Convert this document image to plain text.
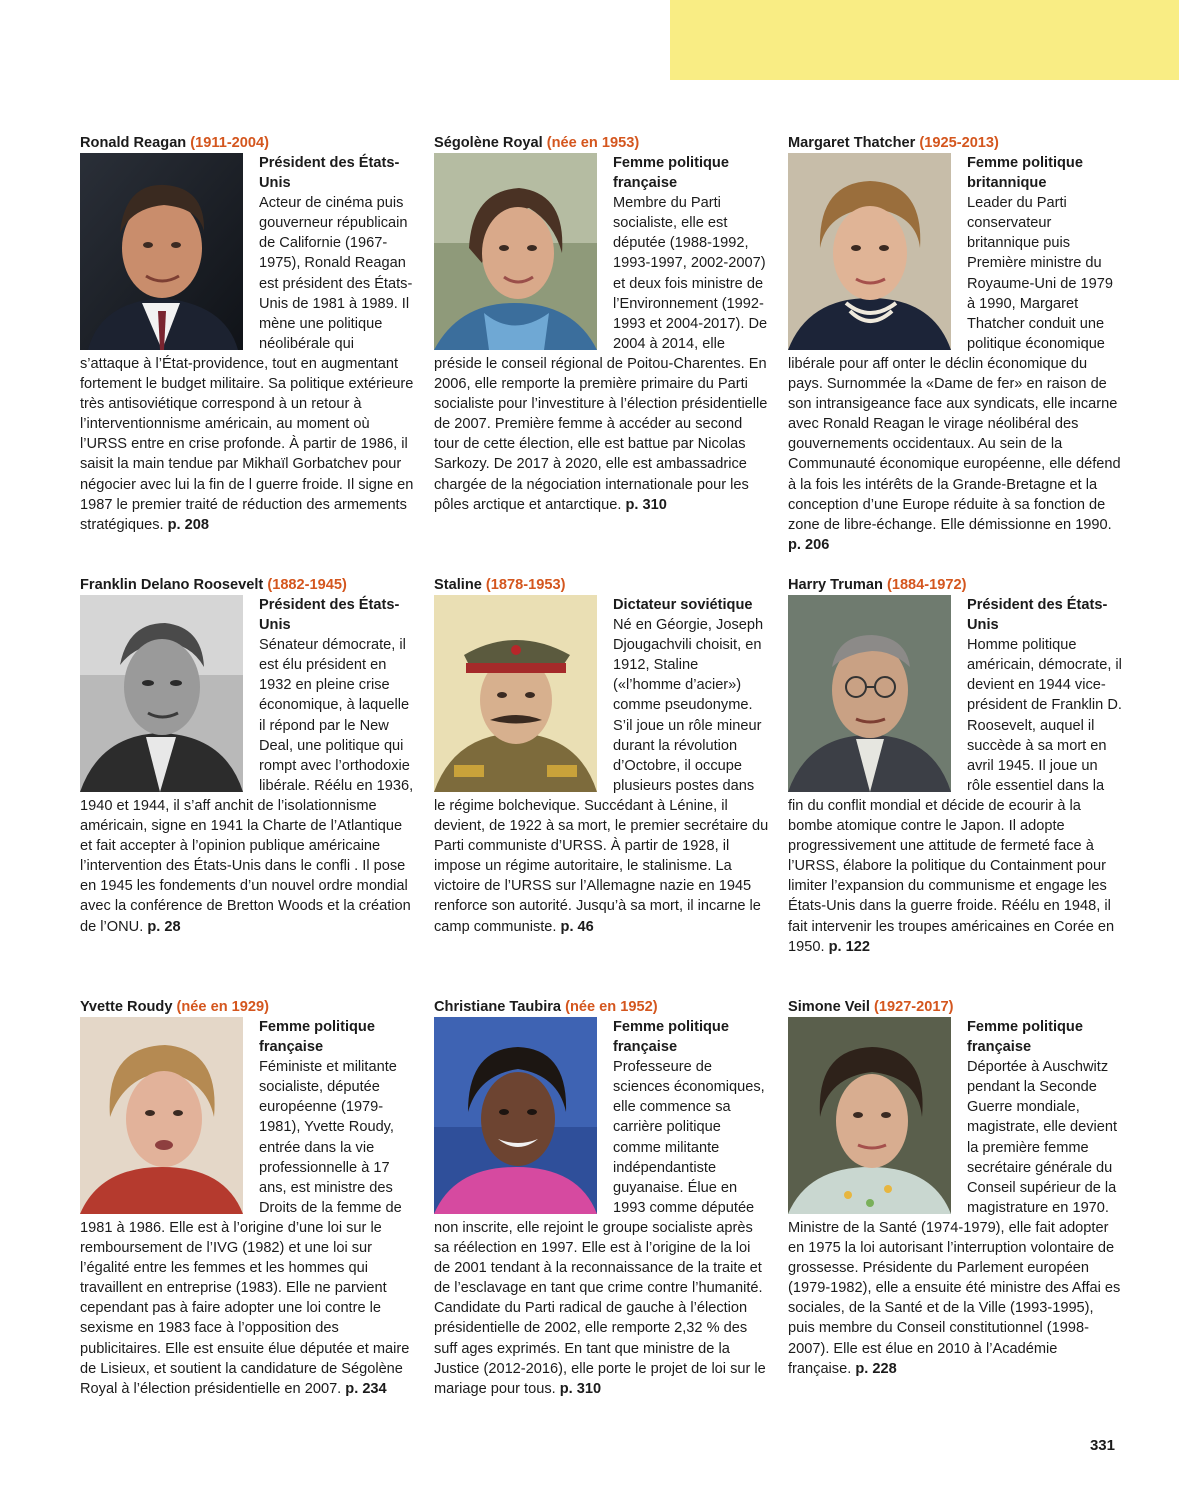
Ronald Reagan (1911-2004)

Président des États-Unis

Acteur de cinéma puis gouverneur républicain de Californie (1967-1975), Ronald Reagan est président des États-Unis de 1981 à 1989. Il mène une politique néolibérale qui s’attaque à l’État-providence, tout en augmentant fortement le budget militaire. Sa politique extérieure très antisoviétique correspond à un retour à l’interventionnisme américain, au moment où l’URSS entre en crise profonde. À partir de 1986, il saisit la main tendue par Mikhaïl Gorbatchev pour négocier avec lui la fin de l guerre froide. Il signe en 1987 le premier traité de réduction des armements stratégiques. p. 208

Ségolène Royal (née en 1953)

Femme politique française

Membre du Parti socialiste, elle est députée (1988-1992, 1993-1997, 2002-2007) et deux fois ministre de l’Environnement (1992-1993 et 2004-2017). De 2004 à 2014, elle préside le conseil régional de Poitou-Charentes. En 2006, elle remporte la première primaire du Parti socialiste pour l’investiture à l’élection présidentielle de 2007. Première femme à accéder au second tour de cette élection, elle est battue par Nicolas Sarkozy. De 2017 à 2020, elle est ambassadrice chargée de la négociation internationale pour les pôles arctique et antarctique. p. 310

Margaret Thatcher (1925-2013)

Femme politique britannique

Leader du Parti conservateur britannique puis Première ministre du Royaume-Uni de 1979 à 1990, Margaret Thatcher conduit une politique économique libérale pour aff onter le déclin économique du pays. Surnommée la «Dame de fer» en raison de son intransigeance face aux syndicats, elle incarne avec Ronald Reagan le virage néolibéral des gouvernements occidentaux. Au sein de la Communauté économique européenne, elle défend à la fois les intérêts de la Grande-Bretagne et la conception d’une Europe réduite à sa fonction de zone de libre-échange. Elle démissionne en 1990. p. 206

Franklin Delano Roosevelt (1882-1945)

Président des États-Unis

Sénateur démocrate, il est élu président en 1932 en pleine crise économique, à laquelle il répond par le New Deal, une politique qui rompt avec l’orthodoxie libérale. Réélu en 1936, 1940 et 1944, il s’aff anchit de l’isolationnisme américain, signe en 1941 la Charte de l’Atlantique et fait accepter à l’opinion publique américaine l’intervention des États-Unis dans le confli . Il pose en 1945 les fondements d’un nouvel ordre mondial avec la conférence de Bretton Woods et la création de l’ONU. p. 28

Staline (1878-1953)

Dictateur soviétique

Né en Géorgie, Joseph Djougachvili choisit, en 1912, Staline («l’homme d’acier») comme pseudonyme. S’il joue un rôle mineur durant la révolution d’Octobre, il occupe plusieurs postes dans le régime bolchevique. Succédant à Lénine, il devient, de 1922 à sa mort, le premier secrétaire du Parti communiste d’URSS. À partir de 1928, il impose un régime autoritaire, le stalinisme. La victoire de l’URSS sur l’Allemagne nazie en 1945 renforce son autorité. Jusqu’à sa mort, il incarne le camp communiste. p. 46

Harry Truman (1884-1972)

Président des États-Unis

Homme politique américain, démocrate, il devient en 1944 vice-président de Franklin D. Roosevelt, auquel il succède à sa mort en avril 1945. Il joue un rôle essentiel dans la fin du conflit mondial et décide de ecourir à la bombe atomique contre le Japon. Il adopte progressivement une attitude de fermeté face à l’URSS, élabore la politique du Containment pour limiter l’expansion du communisme et engage les États-Unis dans la guerre froide. Réélu en 1948, il fait intervenir les troupes américaines en Corée en 1950. p. 122

Yvette Roudy (née en 1929)

Femme politique française

Féministe et militante socialiste, députée européenne (1979-1981), Yvette Roudy, entrée dans la vie professionnelle à 17 ans, est ministre des Droits de la femme de 1981 à 1986. Elle est à l’origine d’une loi sur le remboursement de l’IVG (1982) et une loi sur l’égalité entre les femmes et les hommes qui travaillent en entreprise (1983). Elle ne parvient cependant pas à faire adopter une loi contre le sexisme en 1983 face à l’opposition des publicitaires. Elle est ensuite élue députée et maire de Lisieux, et soutient la candidature de Ségolène Royal à l’élection présidentielle en 2007. p. 234

Christiane Taubira (née en 1952)

Femme politique française

Professeure de sciences économiques, elle commence sa carrière politique comme militante indépendantiste guyanaise. Élue en 1993 comme députée non inscrite, elle rejoint le groupe socialiste après sa réélection en 1997. Elle est à l’origine de la loi de 2001 tendant à la reconnaissance de la traite et de l’esclavage en tant que crime contre l’humanité. Candidate du Parti radical de gauche à l’élection présidentielle de 2002, elle remporte 2,32 % des suff ages exprimés. En tant que ministre de la Justice (2012-2016), elle porte le projet de loi sur le mariage pour tous. p. 310

Simone Veil (1927-2017)

Femme politique française

Déportée à Auschwitz pendant la Seconde Guerre mondiale, magistrate, elle devient la première femme secrétaire générale du Conseil supérieur de la magistrature en 1970. Ministre de la Santé (1974-1979), elle fait adopter en 1975 la loi autorisant l’interruption volontaire de grossesse. Présidente du Parlement européen (1979-1982), elle a ensuite été ministre des Affai es sociales, de la Santé et de la Ville (1993-1995), puis membre du Conseil constitutionnel (1998-2007). Elle est élue en 2010 à l’Académie française. p. 228

331
